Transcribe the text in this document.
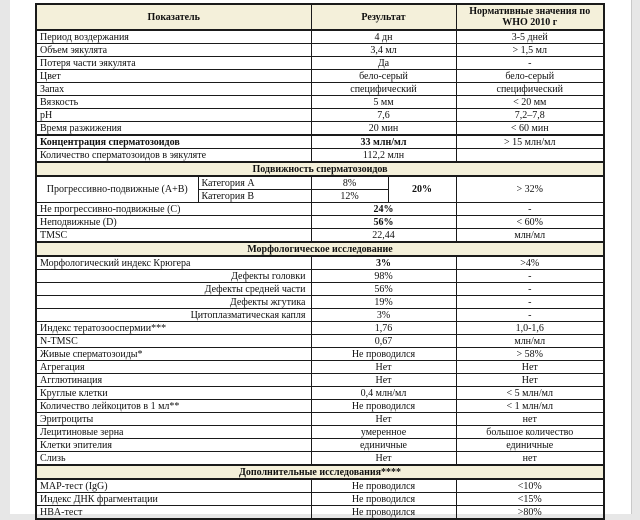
Показатель		Результат		Нормативные значения по
WHO 2010 г

Период воздержания		4 дн		3-5 дней
Объем эякулята		3,4 мл		> 1,5 мл
Потеря части эякулята		Да		-
Цвет		бело-серый		бело-серый
Запах		специфический		специфический
Вязкость		5 мм		< 20 мм
pH		7,6		7,2–7,8
Время разжижения		20 мин		< 60 мин
Концентрация сперматозоидов		33 млн/мл		> 15 млн/мл
Количество сперматозоидов в эякуляте		112,2 млн		
Подвижность сперматозоидов				
Прогрессивно-подвижные (А+В)	Категория А	8%	20%	> 32%
	Категория В	12%		
Не прогрессивно-подвижные (С)		24%		-
Неподвижные (D)		56%		< 60%
TMSC		22,44		млн/мл
Морфологическое исследование				
Морфологический индекс Крюгера		3%		>4%
Дефекты головки		98%		-
Дефекты средней части		56%		-
Дефекты жгутика		19%		-
Цитоплазматическая капля		3%		-
Индекс тератозооспермии***		1,76		1,0-1,6
N-TMSC		0,67		млн/мл
Живые сперматозоиды*		Не проводился		> 58%
Агрегация		Нет		Нет
Агглютинация		Нет		Нет
Круглые клетки		0,4 млн/мл		< 5 млн/мл
Количество лейкоцитов в 1 мл**		Не проводился		< 1 млн/мл
Эритроциты		Нет		нет
Лецитиновые зерна		умеренное		большое количество
Клетки эпителия		единичные		единичные
Слизь		Нет		нет
Дополнительные исследования****				
MAP-тест (IgG)		Не проводился		<10%
Индекс ДНК фрагментации		Не проводился		<15%
HBA-тест		Не проводился		>80%
